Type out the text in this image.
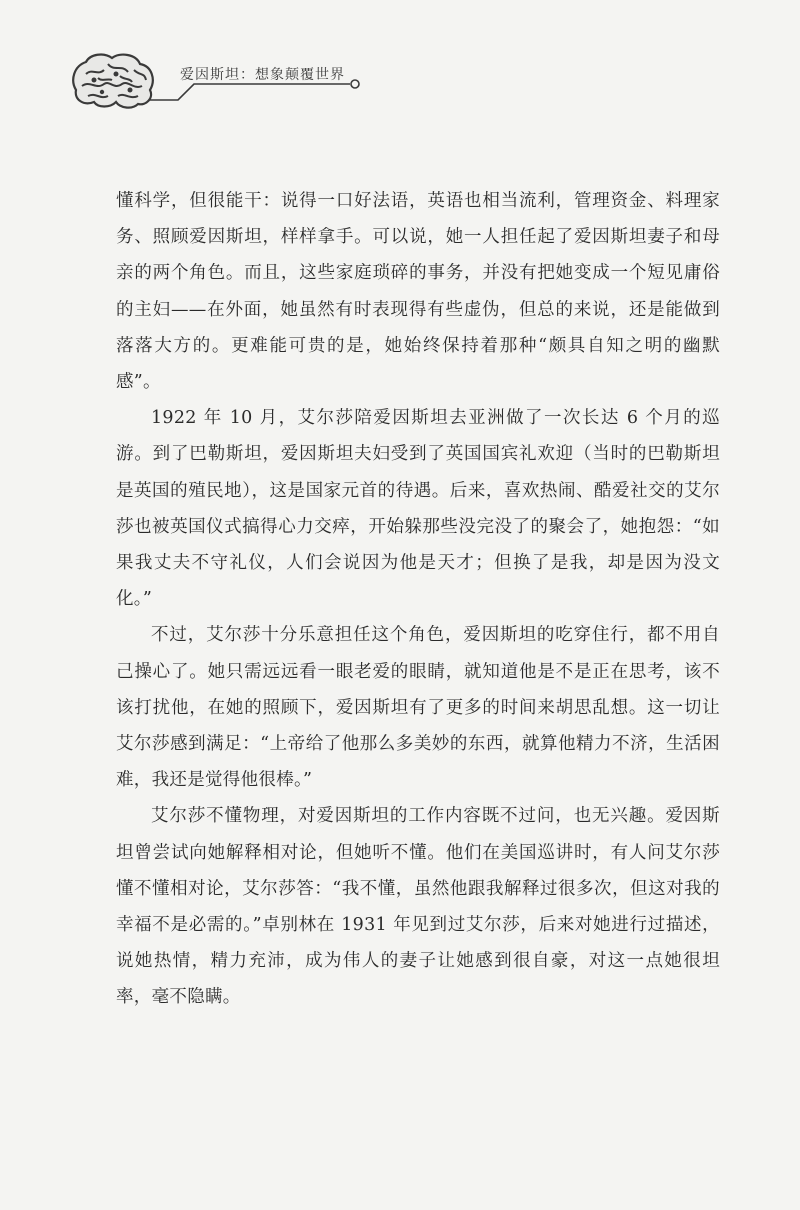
爱因斯坦：想象颠覆世界

懂科学，但很能干：说得一口好法语，英语也相当流利，管理资金、料理家务、照顾爱因斯坦，样样拿手。可以说，她一人担任起了爱因斯坦妻子和母亲的两个角色。而且，这些家庭琐碎的事务，并没有把她变成一个短见庸俗的主妇——在外面，她虽然有时表现得有些虚伪，但总的来说，还是能做到落落大方的。更难能可贵的是，她始终保持着那种“颇具自知之明的幽默感”。

1922 年 10 月，艾尔莎陪爱因斯坦去亚洲做了一次长达 6 个月的巡游。到了巴勒斯坦，爱因斯坦夫妇受到了英国国宾礼欢迎（当时的巴勒斯坦是英国的殖民地），这是国家元首的待遇。后来，喜欢热闹、酷爱社交的艾尔莎也被英国仪式搞得心力交瘁，开始躲那些没完没了的聚会了，她抱怨：“如果我丈夫不守礼仪，人们会说因为他是天才；但换了是我，却是因为没文化。”

不过，艾尔莎十分乐意担任这个角色，爱因斯坦的吃穿住行，都不用自己操心了。她只需远远看一眼老爱的眼睛，就知道他是不是正在思考，该不该打扰他，在她的照顾下，爱因斯坦有了更多的时间来胡思乱想。这一切让艾尔莎感到满足：“上帝给了他那么多美妙的东西，就算他精力不济，生活困难，我还是觉得他很棒。”

艾尔莎不懂物理，对爱因斯坦的工作内容既不过问，也无兴趣。爱因斯坦曾尝试向她解释相对论，但她听不懂。他们在美国巡讲时，有人问艾尔莎懂不懂相对论，艾尔莎答：“我不懂，虽然他跟我解释过很多次，但这对我的幸福不是必需的。”卓别林在 1931 年见到过艾尔莎，后来对她进行过描述，说她热情，精力充沛，成为伟人的妻子让她感到很自豪，对这一点她很坦率，毫不隐瞒。
